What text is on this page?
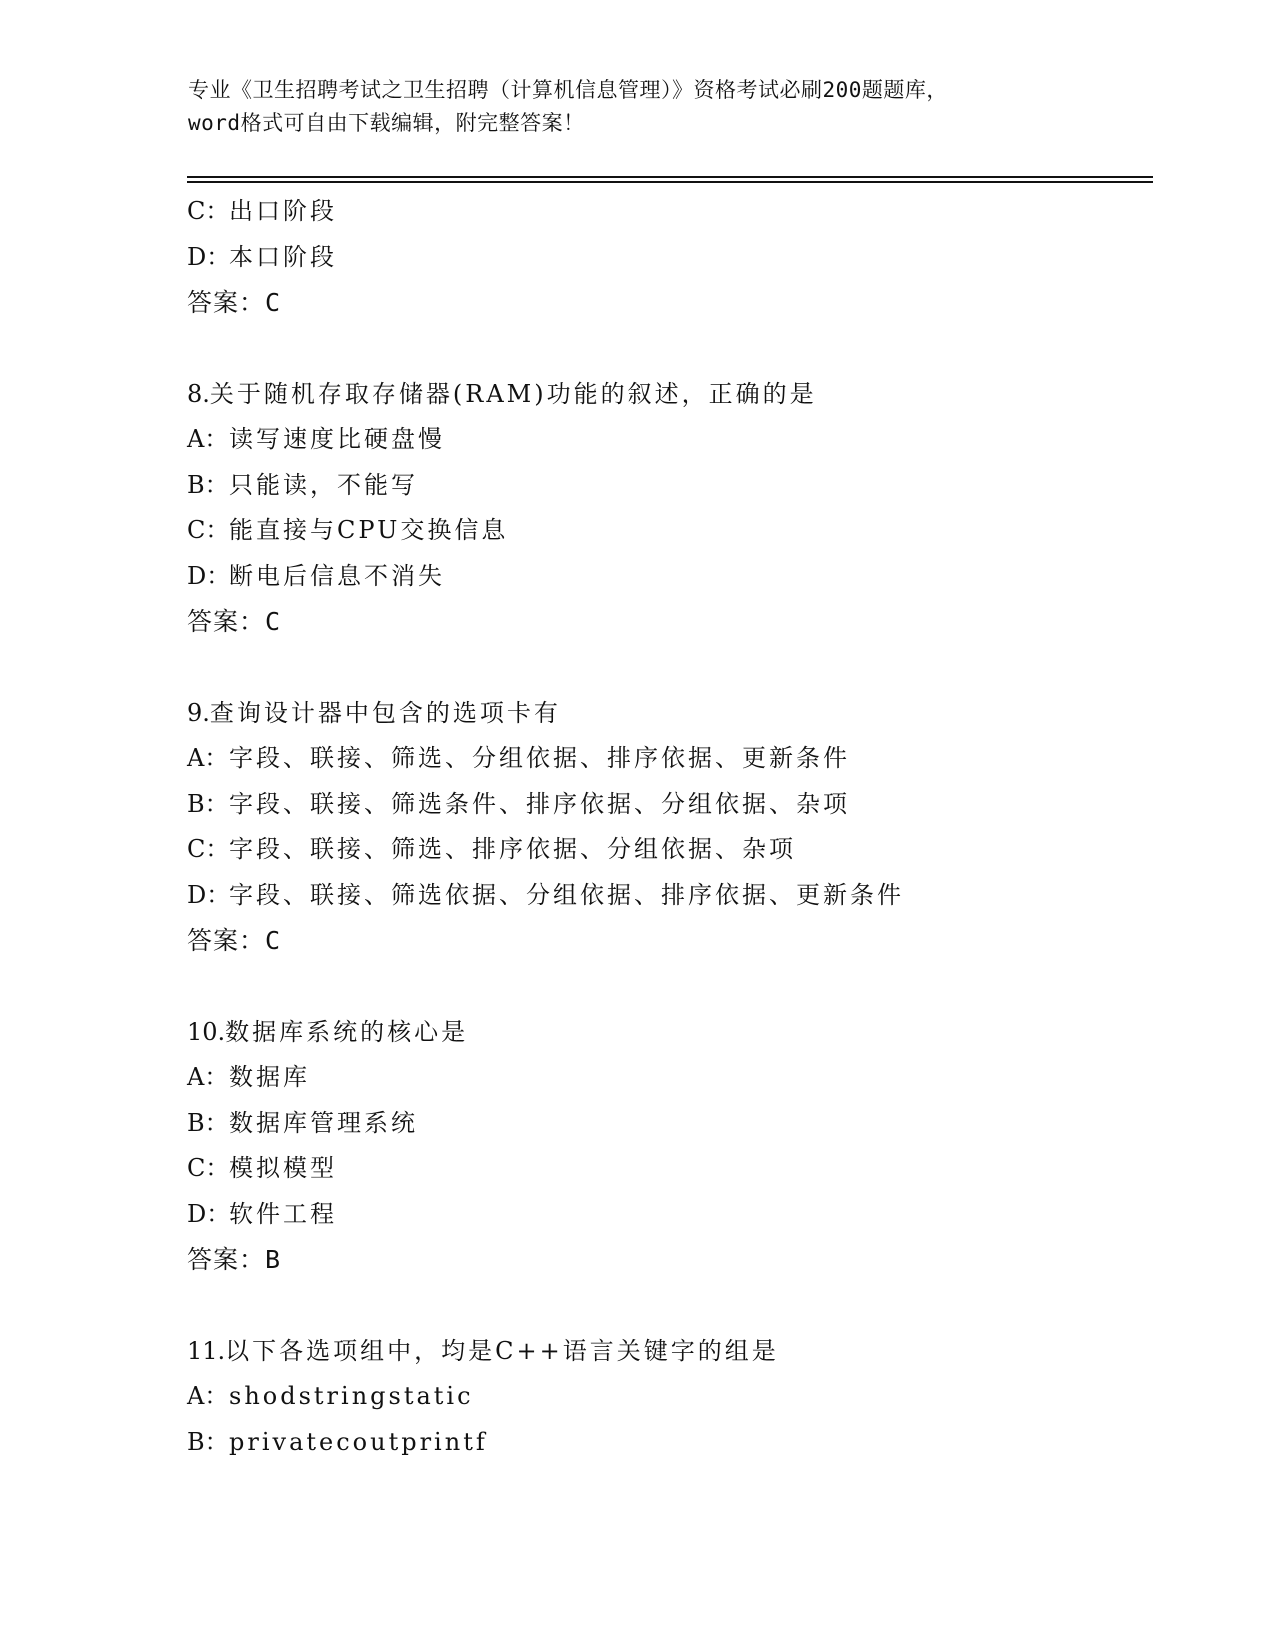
专业《卫生招聘考试之卫生招聘（计算机信息管理）》资格考试必刷200题题库，
word格式可自由下载编辑，附完整答案！
C：出口阶段
D：本口阶段
答案：C
8.关于随机存取存储器(RAM)功能的叙述，正确的是
A：读写速度比硬盘慢
B：只能读，不能写
C：能直接与CPU交换信息
D：断电后信息不消失
答案：C
9.查询设计器中包含的选项卡有
A：字段、联接、筛选、分组依据、排序依据、更新条件
B：字段、联接、筛选条件、排序依据、分组依据、杂项
C：字段、联接、筛选、排序依据、分组依据、杂项
D：字段、联接、筛选依据、分组依据、排序依据、更新条件
答案：C
10.数据库系统的核心是
A：数据库
B：数据库管理系统
C：模拟模型
D：软件工程
答案：B
11.以下各选项组中，均是C++语言关键字的组是
A：shodstringstatic
B：privatecoutprintf
